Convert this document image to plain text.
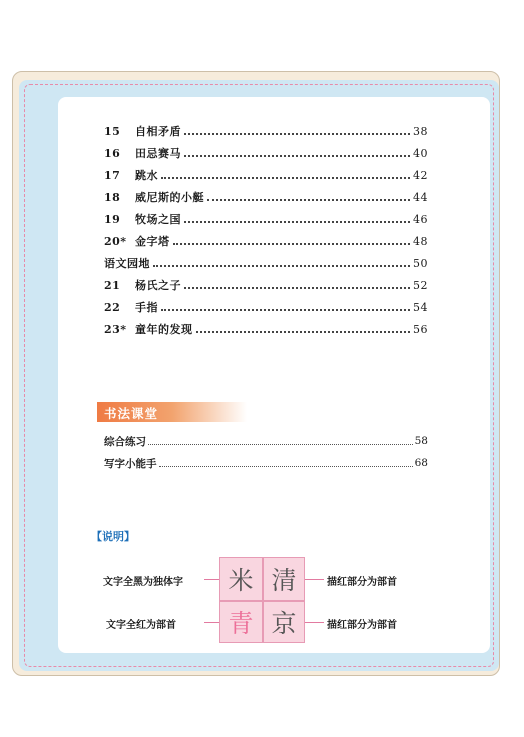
15	自相矛盾	38
16	田忌赛马	40
17	跳水	42
18	威尼斯的小艇	44
19	牧场之国	46
20* 金字塔	48
语文园地	50
21	杨氏之子	52
22	手指	54
23* 童年的发现	56
书法课堂
综合练习	58
写字小能手	68
【说明】
文字全黑为独体字
文字全红为部首
描红部分为部首
描红部分为部首
米 清
青 京
